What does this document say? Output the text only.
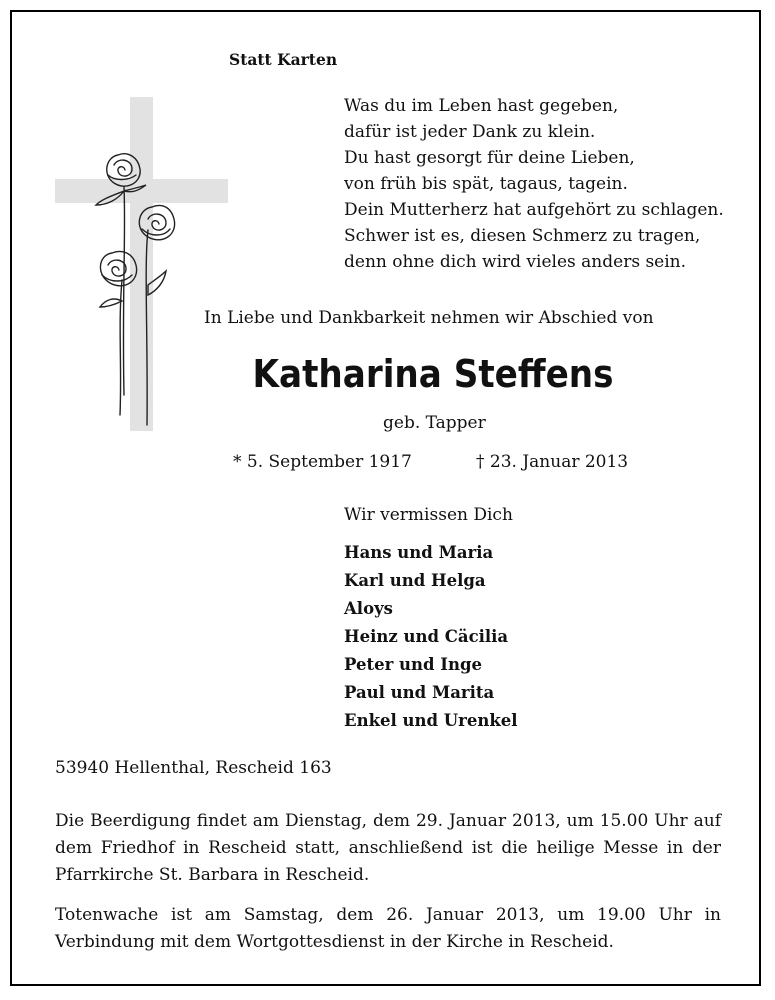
Statt Karten
Was du im Leben hast gegeben,
dafür ist jeder Dank zu klein.
Du hast gesorgt für deine Lieben,
von früh bis spät, tagaus, tagein.
Dein Mutterherz hat aufgehört zu schlagen.
Schwer ist es, diesen Schmerz zu tragen,
denn ohne dich wird vieles anders sein.
In Liebe und Dankbarkeit nehmen wir Abschied von
Katharina Steffens
geb. Tapper
* 5. September 1917	† 23. Januar 2013
Wir vermissen Dich
Hans und Maria
Karl und Helga
Aloys
Heinz und Cäcilia
Peter und Inge
Paul und Marita
Enkel und Urenkel
53940 Hellenthal, Rescheid 163
Die Beerdigung findet am Dienstag, dem 29. Januar 2013, um 15.00 Uhr auf dem Friedhof in Rescheid statt, anschließend ist die heilige Messe in der Pfarrkirche St. Barbara in Rescheid.
Totenwache ist am Samstag, dem 26. Januar 2013, um 19.00 Uhr in Verbindung mit dem Wortgottesdienst in der Kirche in Rescheid.
